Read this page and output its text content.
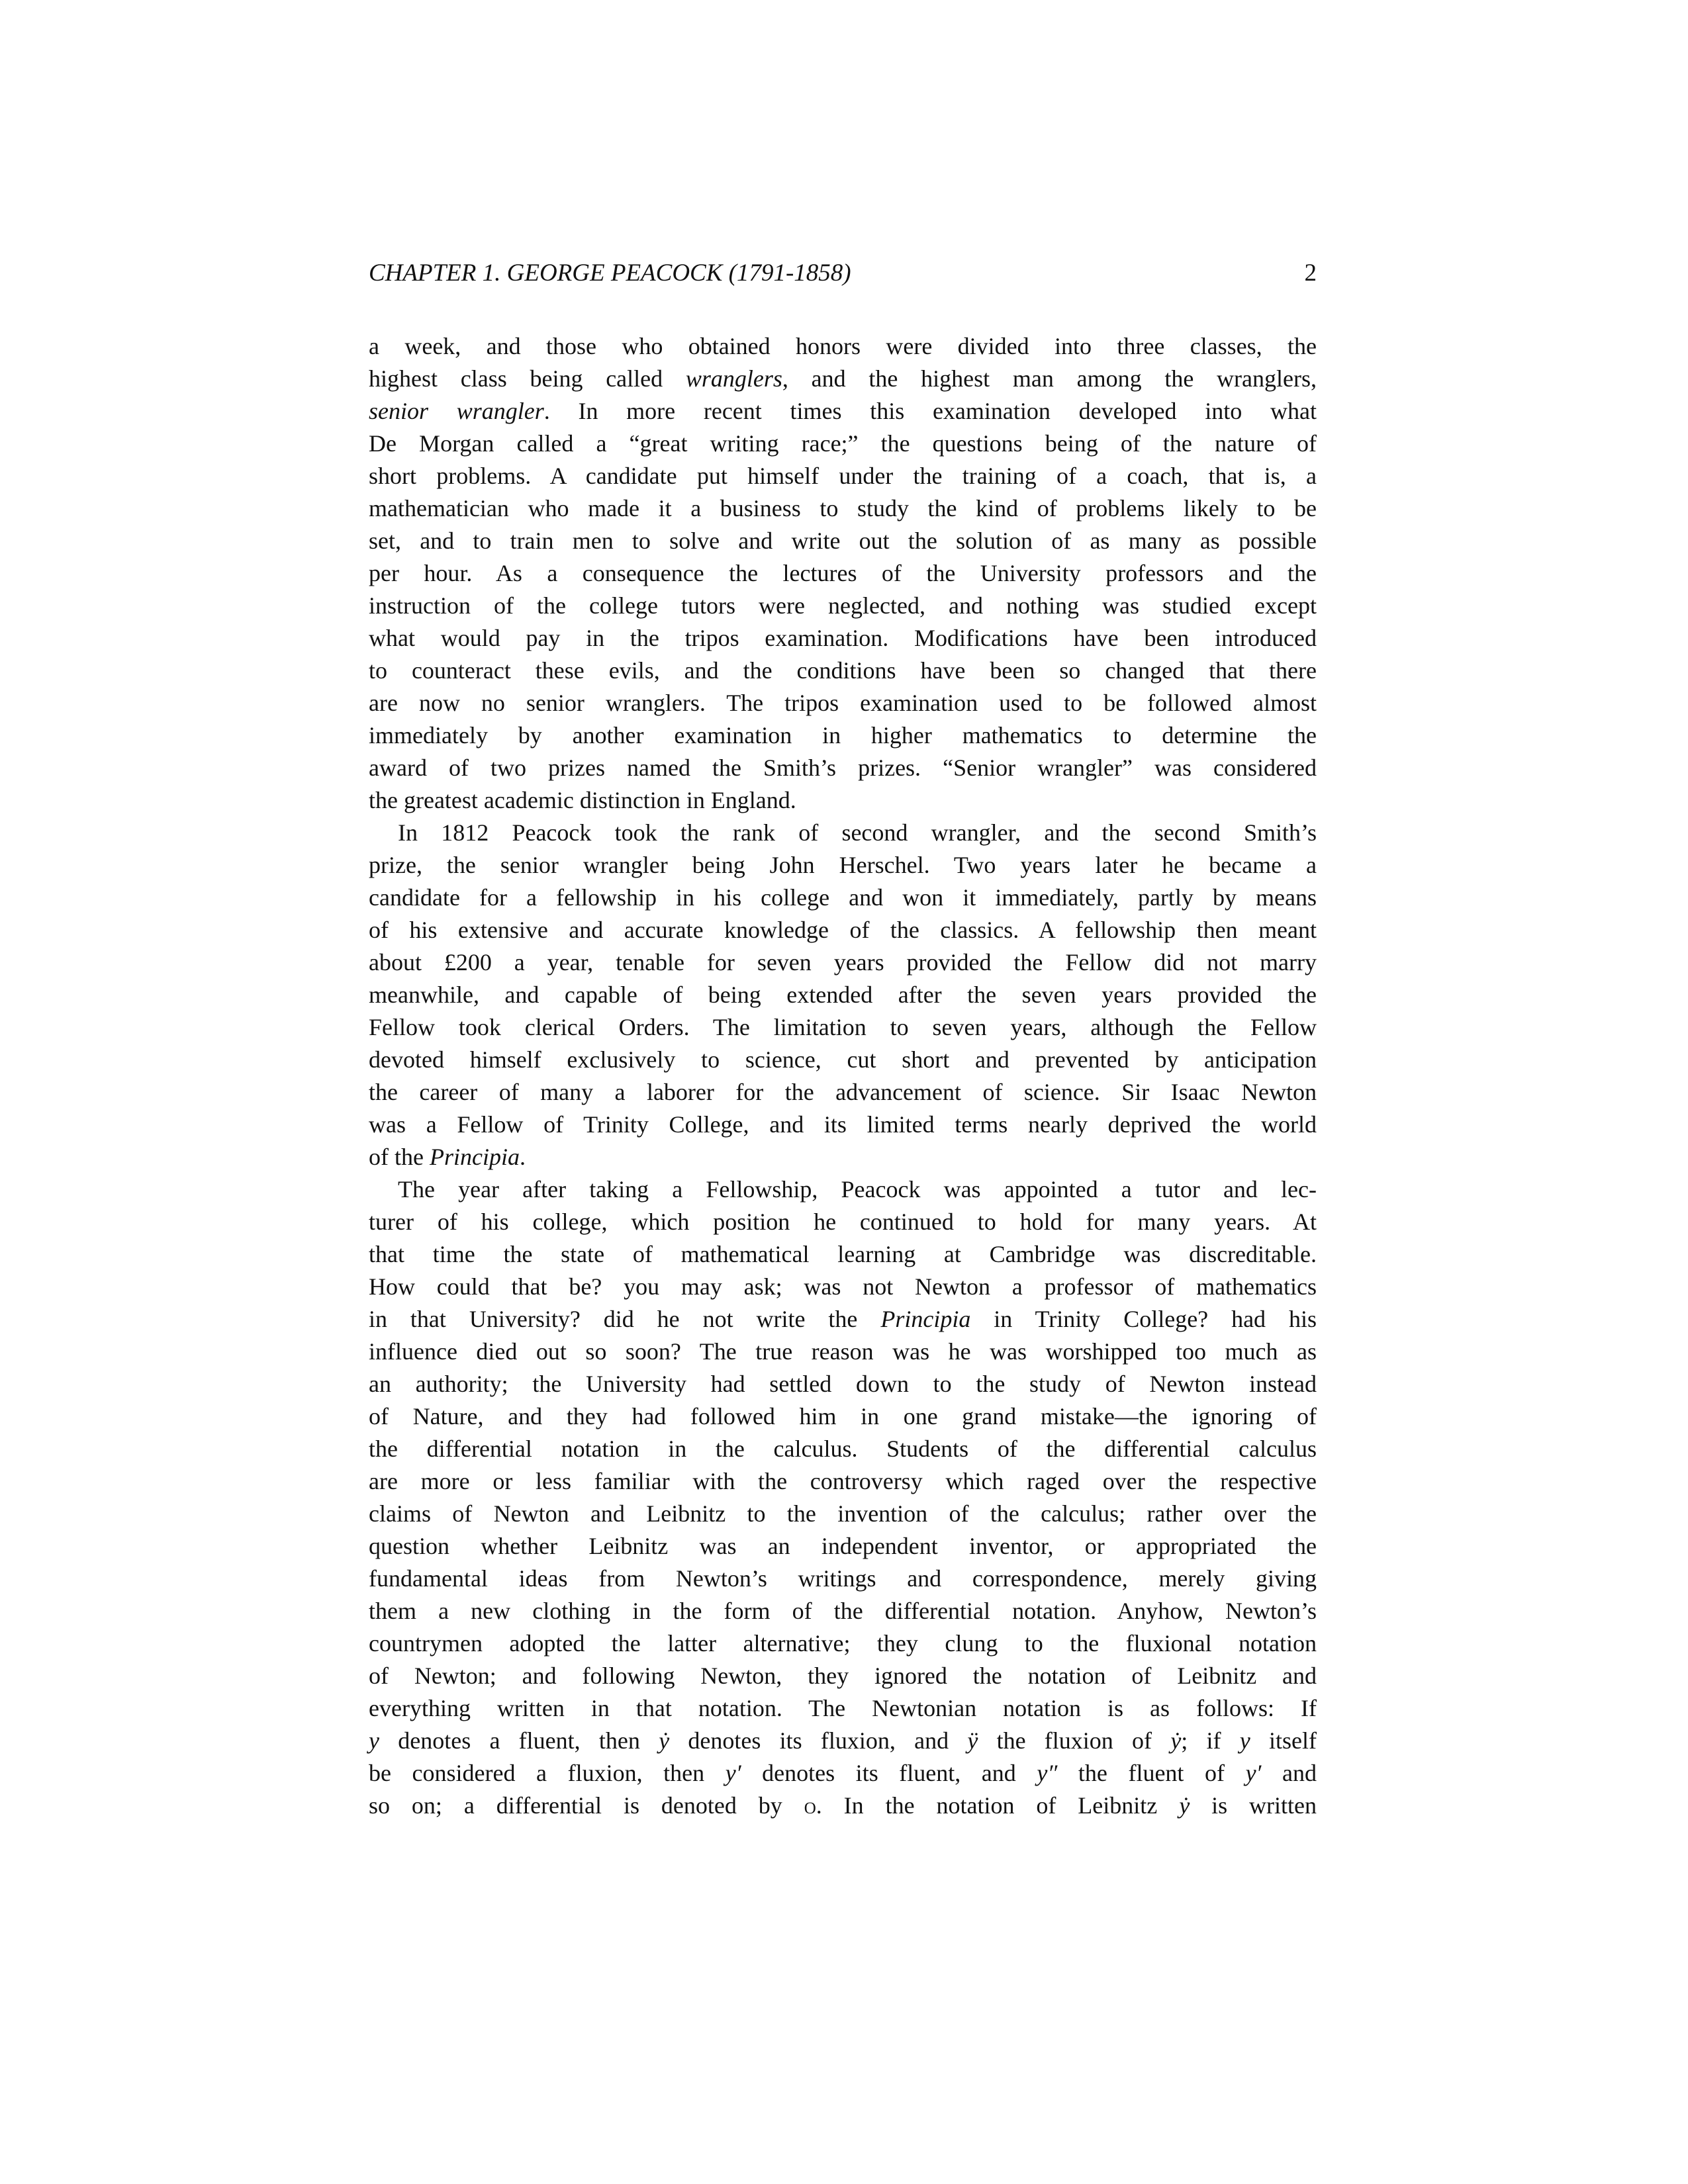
CHAPTER 1. GEORGE PEACOCK (1791-1858)	2
a week, and those who obtained honors were divided into three classes, the
highest class being called wranglers, and the highest man among the wranglers,
senior wrangler. In more recent times this examination developed into what
De Morgan called a “great writing race;” the questions being of the nature of
short problems. A candidate put himself under the training of a coach, that is, a
mathematician who made it a business to study the kind of problems likely to be
set, and to train men to solve and write out the solution of as many as possible
per hour. As a consequence the lectures of the University professors and the
instruction of the college tutors were neglected, and nothing was studied except
what would pay in the tripos examination. Modifications have been introduced
to counteract these evils, and the conditions have been so changed that there
are now no senior wranglers. The tripos examination used to be followed almost
immediately by another examination in higher mathematics to determine the
award of two prizes named the Smith’s prizes. “Senior wrangler” was considered
the greatest academic distinction in England.
In 1812 Peacock took the rank of second wrangler, and the second Smith’s
prize, the senior wrangler being John Herschel. Two years later he became a
candidate for a fellowship in his college and won it immediately, partly by means
of his extensive and accurate knowledge of the classics. A fellowship then meant
about £200 a year, tenable for seven years provided the Fellow did not marry
meanwhile, and capable of being extended after the seven years provided the
Fellow took clerical Orders. The limitation to seven years, although the Fellow
devoted himself exclusively to science, cut short and prevented by anticipation
the career of many a laborer for the advancement of science. Sir Isaac Newton
was a Fellow of Trinity College, and its limited terms nearly deprived the world
of the Principia.
The year after taking a Fellowship, Peacock was appointed a tutor and lec-
turer of his college, which position he continued to hold for many years. At
that time the state of mathematical learning at Cambridge was discreditable.
How could that be? you may ask; was not Newton a professor of mathematics
in that University? did he not write the Principia in Trinity College? had his
influence died out so soon? The true reason was he was worshipped too much as
an authority; the University had settled down to the study of Newton instead
of Nature, and they had followed him in one grand mistake—the ignoring of
the differential notation in the calculus. Students of the differential calculus
are more or less familiar with the controversy which raged over the respective
claims of Newton and Leibnitz to the invention of the calculus; rather over the
question whether Leibnitz was an independent inventor, or appropriated the
fundamental ideas from Newton’s writings and correspondence, merely giving
them a new clothing in the form of the differential notation. Anyhow, Newton’s
countrymen adopted the latter alternative; they clung to the fluxional notation
of Newton; and following Newton, they ignored the notation of Leibnitz and
everything written in that notation. The Newtonian notation is as follows: If
y denotes a fluent, then ẏ denotes its fluxion, and ÿ the fluxion of ẏ; if y itself
be considered a fluxion, then y′ denotes its fluent, and y″ the fluent of y′ and
so on; a differential is denoted by o. In the notation of Leibnitz ẏ is written
